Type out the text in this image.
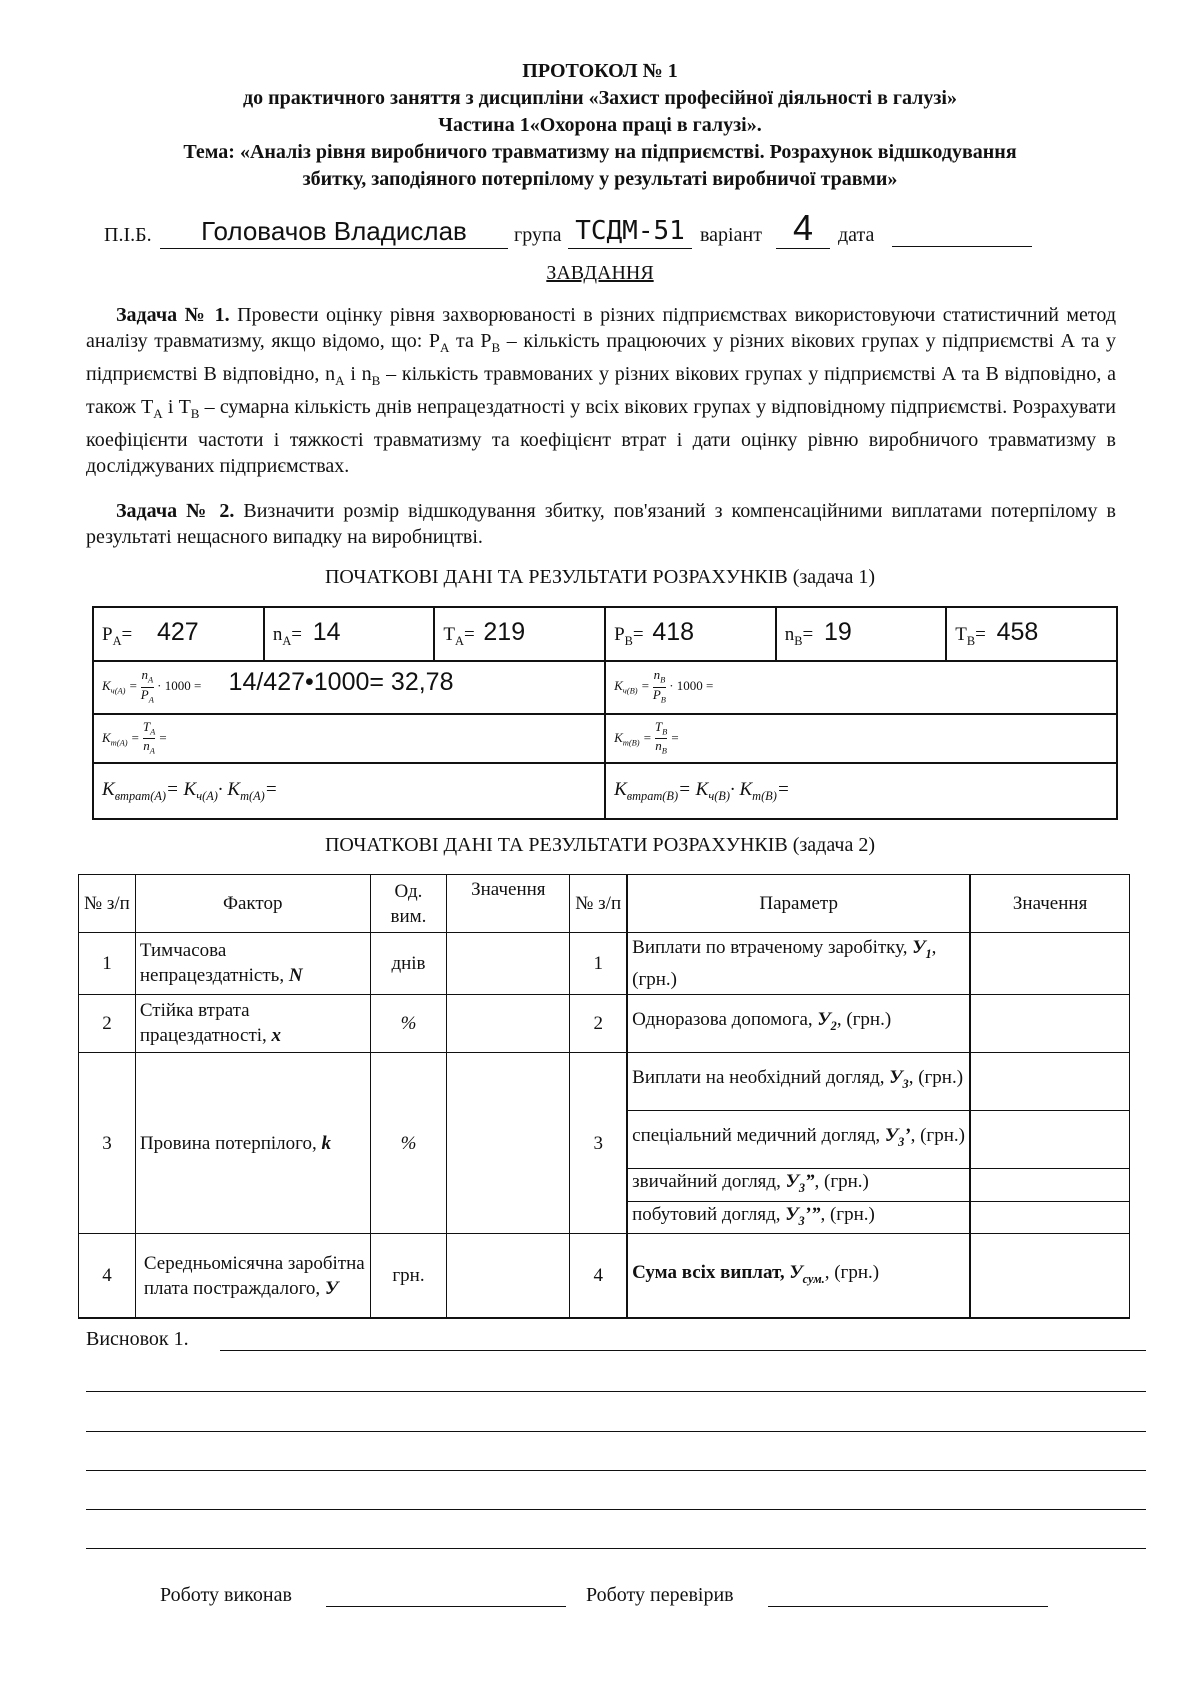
ПРОТОКОЛ № 1
до практичного заняття з дисципліни «Захист професійної діяльності в галузі»
Частина 1«Охорона праці в галузі».
Тема: «Аналіз рівня виробничого травматизму на підприємстві. Розрахунок відшкодування
збитку, заподіяного потерпілому у результаті виробничої травми»
П.І.Б.	Головачов Владислав	група ТСДМ-51 варіант 4	дата
ЗАВДАННЯ
Задача № 1. Провести оцінку рівня захворюваності в різних підприємствах використовуючи статистичний метод аналізу травматизму, якщо відомо, що: $P_A$ та $P_B$ – кількість працюючих у різних вікових групах у підприємстві А та у підприємстві В відповідно, $n_A$ і $n_B$ – кількість травмованих у різних вікових групах у підприємстві А та В відповідно, а також $T_A$ і $T_B$ – сумарна кількість днів непрацездатності у всіх вікових групах у відповідному підприємстві. Розрахувати коефіцієнти частоти і тяжкості травматизму та коефіцієнт втрат і дати оцінку рівню виробничого травматизму в досліджуваних підприємствах.
Задача № 2. Визначити розмір відшкодування збитку, пов'язаний з компенсаційними виплатами потерпілому в результаті нещасного випадку на виробництві.
ПОЧАТКОВІ ДАНІ ТА РЕЗУЛЬТАТИ РОЗРАХУНКІВ (задача 1)
$P_A= 427$	$n_A= 14$	$T_A= 219$	$P_B= 418$	$n_B= 19$	$T_B= 458$
$K_{ч(А)} = \frac{n_A}{P_A} \cdot 1000$ = 14/427•1000= 32,78			$K_{ч(В)} = \frac{n_B}{P_B} \cdot 1000$ =		
$K_{т(А)} = \frac{T_A}{n_A}$ =			$K_{т(В)} = \frac{T_B}{n_B}$ =		
$K_{втрат(А)}= K_{ч(А)}\cdot K_{т(А)}=$			$K_{втрат(В)}= K_{ч(В)}\cdot K_{т(В)}=$		
ПОЧАТКОВІ ДАНІ ТА РЕЗУЛЬТАТИ РОЗРАХУНКІВ (задача 2)
№ з/п	Фактор	Од. вим.	Значення	№ з/п	Параметр	Значення
1	Тимчасова непрацездатність, N	днів		1	Виплати по втраченому заробітку, $У_1$, (грн.)	
2	Стійка втрата працездатності, x	%		2	Одноразова допомога, $У_2$, (грн.)	
3	Провина потерпілого, k	%		3	Виплати на необхідний догляд, $У_3$, (грн.)	
					спеціальний медичний догляд, $У_3$’, (грн.)	
					звичайний догляд, $У_3$”, (грн.)	
					побутовий догляд, $У_3$’”, (грн.)	
4	Середньомісячна заробітна плата постраждалого, У	грн.		4	Сума всіх виплат, $У_{сум.}$, (грн.)	
Висновок 1.
Роботу виконав	Роботу перевірив
